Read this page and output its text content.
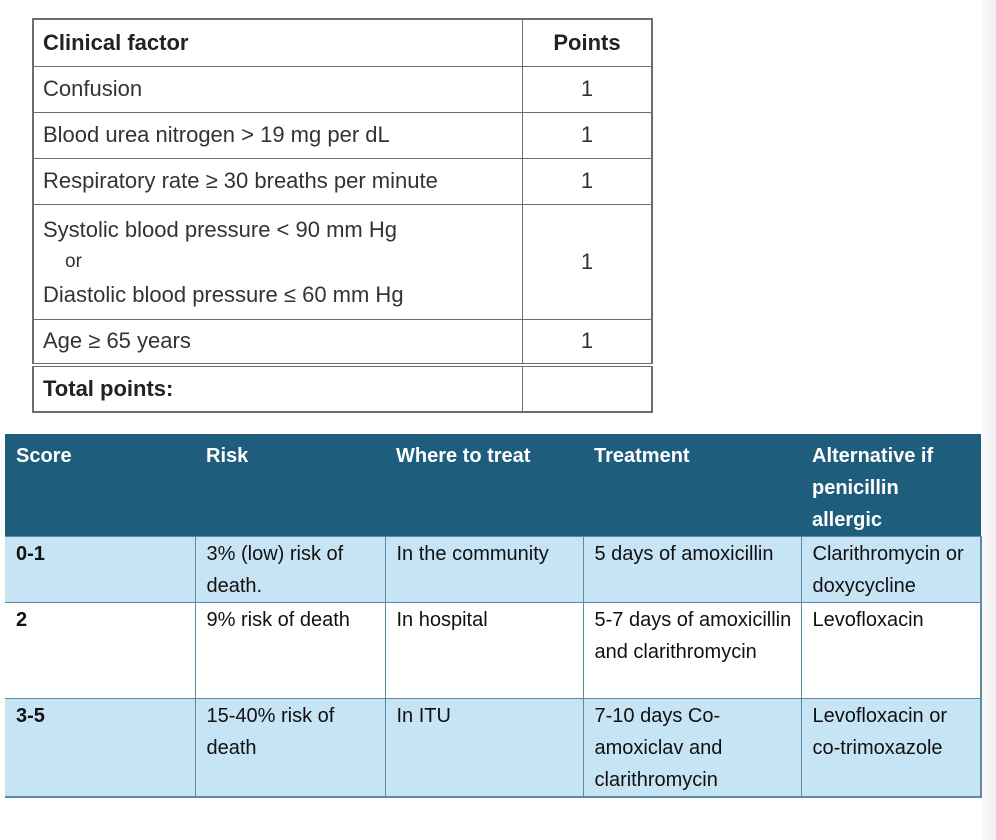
Clinical factor	Points
Confusion	1
Blood urea nitrogen > 19 mg per dL	1
Respiratory rate ≥ 30 breaths per minute	1

Systolic blood pressure < 90 mm Hg
or
Diastolic blood pressure ≤ 60 mm Hg	1
Age ≥ 65 years	1
Total points:	
Score	Risk	Where to treat	Treatment	Alternative if penicillin allergic
0-1	3% (low) risk of death.	In the community	5 days of amoxicillin	Clarithromycin or doxycycline
2	9% risk of death	In hospital	5-7 days of amoxicillin and clarithromycin	Levofloxacin
3-5	15-40% risk of death	In ITU	7-10 days Co-amoxiclav and clarithromycin	Levofloxacin or co-trimoxazole
